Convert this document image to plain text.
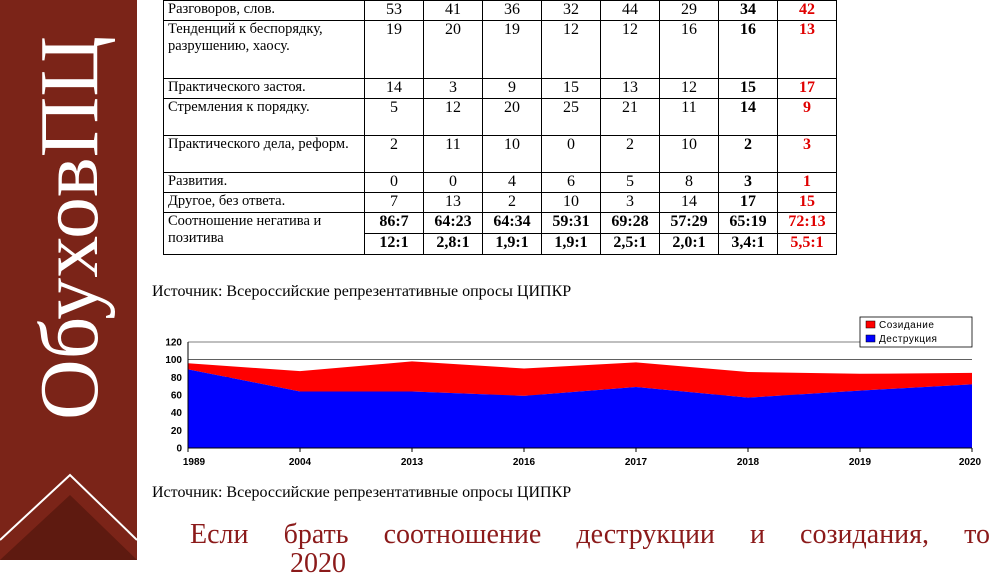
ОбуховПЦ
Разговоров, слов.	53	41	36	32	44	29	34	42
Тенденций к беспорядку, разрушению, хаосу.	19	20	19	12	12	16	16	13
Практического застоя.	14	3	9	15	13	12	15	17
Стремления к порядку.	5	12	20	25	21	11	14	9
Практического дела, реформ.	2	11	10	0	2	10	2	3
Развития.	0	0	4	6	5	8	3	1
Другое, без ответа.	7	13	2	10	3	14	17	15
Соотношение негатива и позитива	86:7	64:23	64:34	59:31	69:28	57:29	65:19	72:13
	12:1	2,8:1	1,9:1	1,9:1	2,5:1	2,0:1	3,4:1	5,5:1
Источник: Всероссийские репрезентативные опросы ЦИПКР
0
20
40
60
80
100
120
1989	2004	2013	2016	2017	2018	2019	2020
Созидание
Деструкция
Источник: Всероссийские репрезентативные опросы ЦИПКР
Если брать соотношение деструкции и созидания, то
2020
